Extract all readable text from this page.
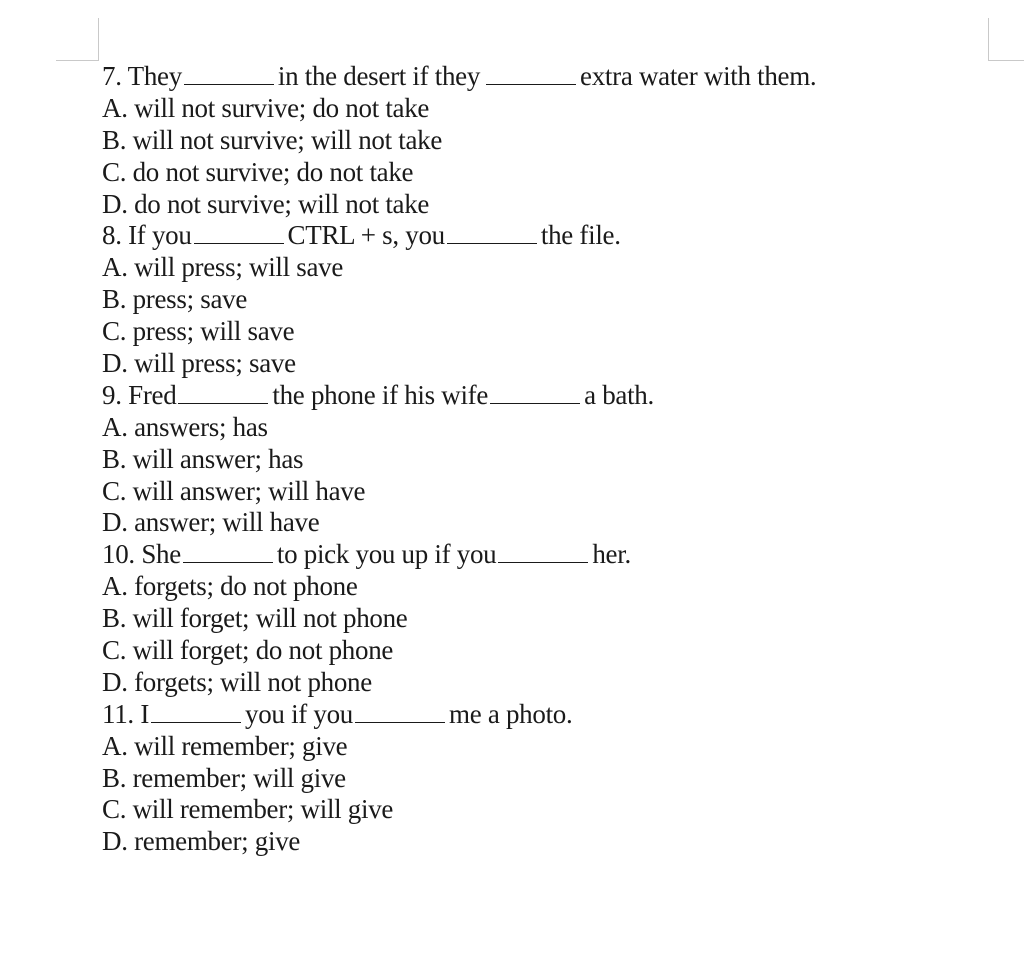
7. They	in the desert if they	extra water with them.
A. will not survive; do not take
B. will not survive; will not take
C. do not survive; do not take
D. do not survive; will not take
8. If you	CTRL + s, you	the file.
A. will press; will save
B. press; save
C. press; will save
D. will press; save
9. Fred	the phone if his wife	a bath.
A. answers; has
B. will answer; has
C. will answer; will have
D. answer; will have
10. She	to pick you up if you	her.
A. forgets; do not phone
B. will forget; will not phone
C. will forget; do not phone
D. forgets; will not phone
11. I	you if you	me a photo.
A. will remember; give
B. remember; will give
C. will remember; will give
D. remember; give
